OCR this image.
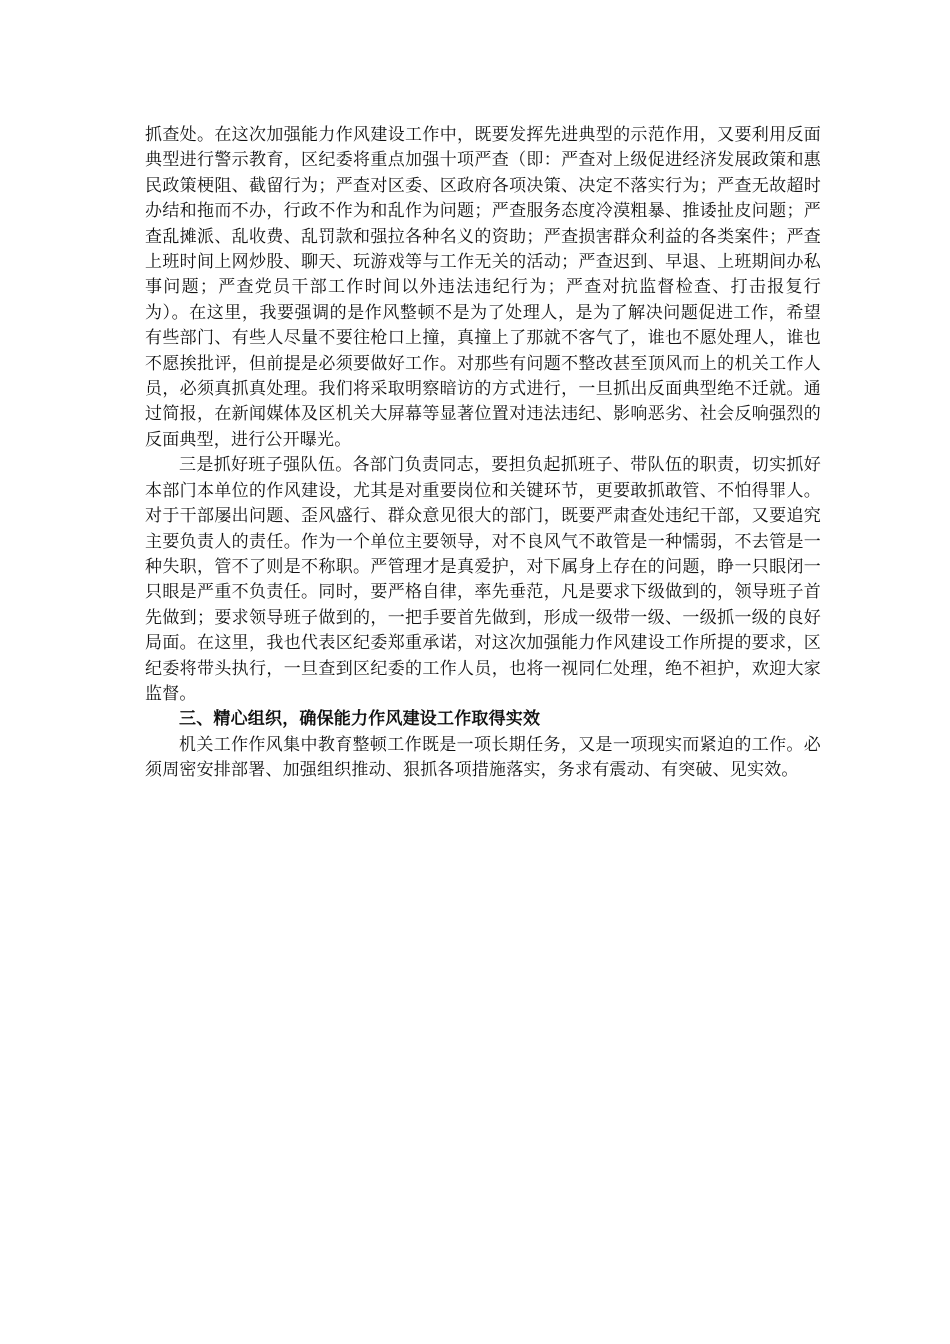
抓查处。在这次加强能力作风建设工作中，既要发挥先进典型的示范作用，又要利用反面典型进行警示教育，区纪委将重点加强十项严查（即：严查对上级促进经济发展政策和惠民政策梗阻、截留行为；严查对区委、区政府各项决策、决定不落实行为；严查无故超时办结和拖而不办，行政不作为和乱作为问题；严查服务态度冷漠粗暴、推诿扯皮问题；严查乱摊派、乱收费、乱罚款和强拉各种名义的资助；严查损害群众利益的各类案件；严查上班时间上网炒股、聊天、玩游戏等与工作无关的活动；严查迟到、早退、上班期间办私事问题；严查党员干部工作时间以外违法违纪行为；严查对抗监督检查、打击报复行为）。在这里，我要强调的是作风整顿不是为了处理人，是为了解决问题促进工作，希望有些部门、有些人尽量不要往枪口上撞，真撞上了那就不客气了，谁也不愿处理人，谁也不愿挨批评，但前提是必须要做好工作。对那些有问题不整改甚至顶风而上的机关工作人员，必须真抓真处理。我们将采取明察暗访的方式进行，一旦抓出反面典型绝不迁就。通过简报，在新闻媒体及区机关大屏幕等显著位置对违法违纪、影响恶劣、社会反响强烈的反面典型，进行公开曝光。

三是抓好班子强队伍。各部门负责同志，要担负起抓班子、带队伍的职责，切实抓好本部门本单位的作风建设，尤其是对重要岗位和关键环节，更要敢抓敢管、不怕得罪人。对于干部屡出问题、歪风盛行、群众意见很大的部门，既要严肃查处违纪干部，又要追究主要负责人的责任。作为一个单位主要领导，对不良风气不敢管是一种懦弱，不去管是一种失职，管不了则是不称职。严管理才是真爱护，对下属身上存在的问题，睁一只眼闭一只眼是严重不负责任。同时，要严格自律，率先垂范，凡是要求下级做到的，领导班子首先做到；要求领导班子做到的，一把手要首先做到，形成一级带一级、一级抓一级的良好局面。在这里，我也代表区纪委郑重承诺，对这次加强能力作风建设工作所提的要求，区纪委将带头执行，一旦查到区纪委的工作人员，也将一视同仁处理，绝不袒护，欢迎大家监督。

三、精心组织，确保能力作风建设工作取得实效

机关工作作风集中教育整顿工作既是一项长期任务，又是一项现实而紧迫的工作。必须周密安排部署、加强组织推动、狠抓各项措施落实，务求有震动、有突破、见实效。
